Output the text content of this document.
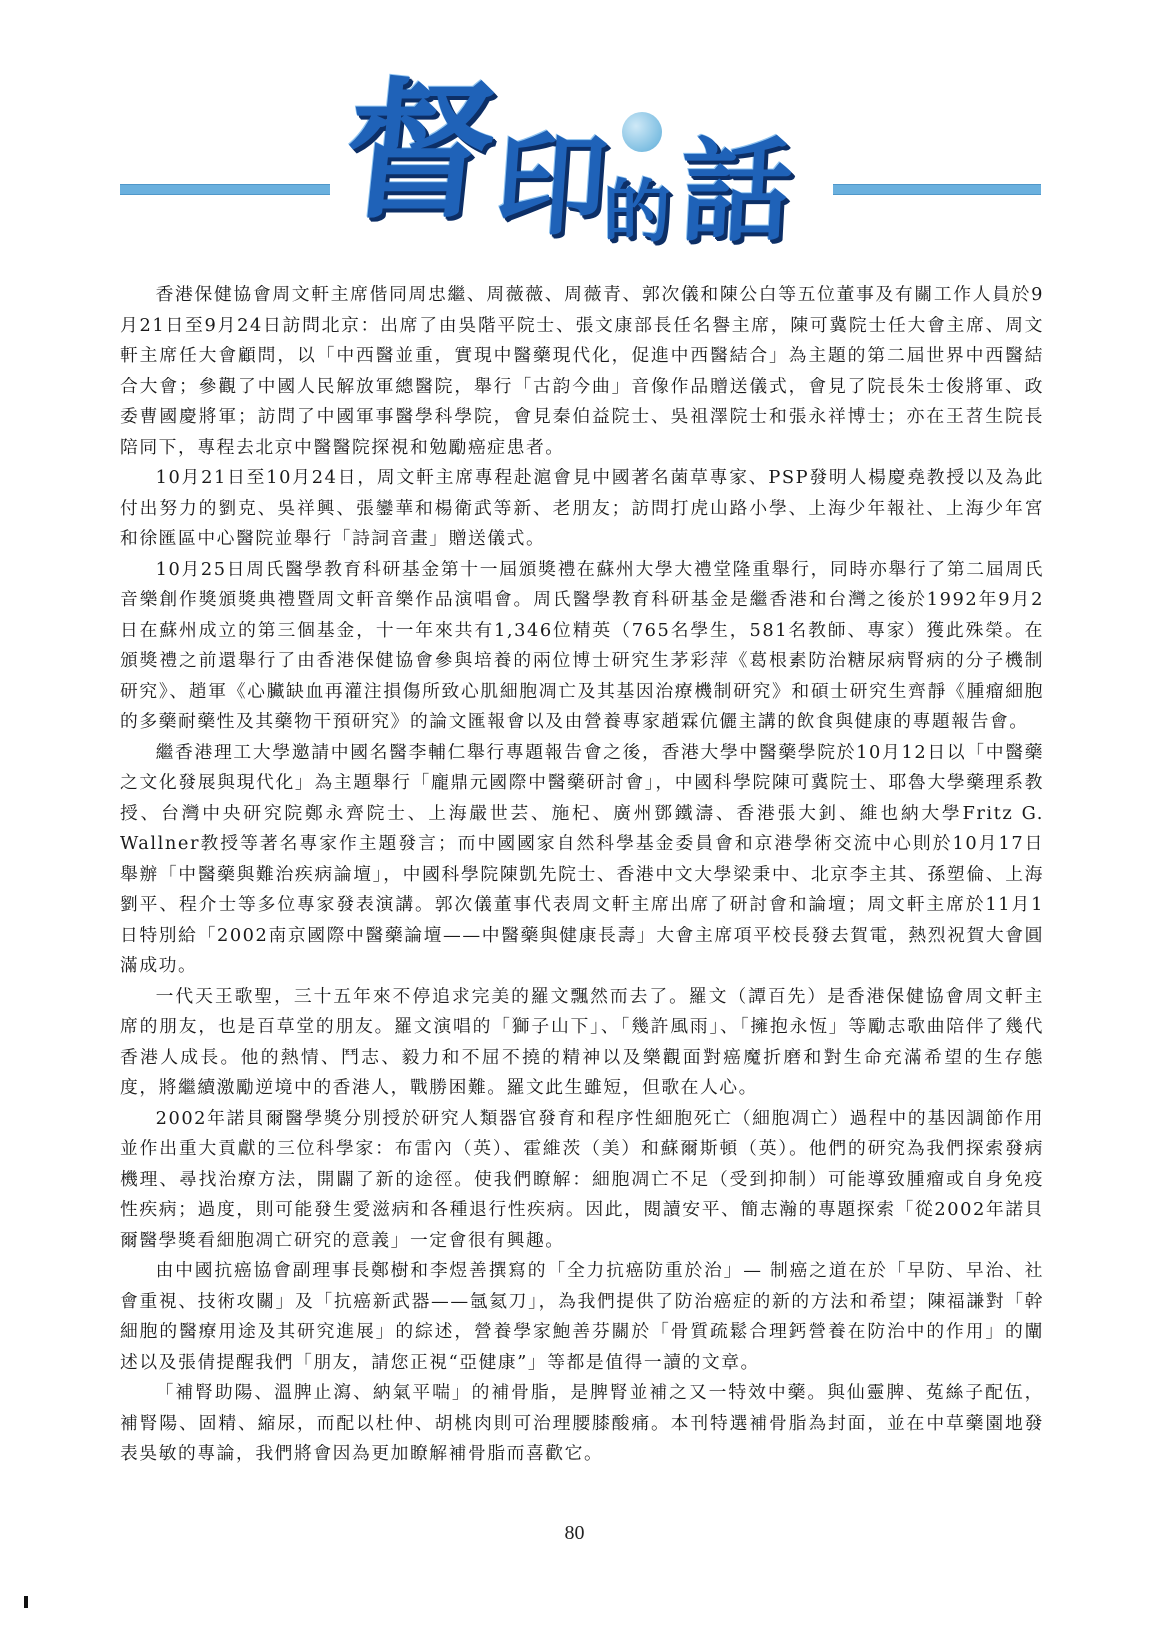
督
印
的 話

香港保健協會周文軒主席偕同周忠繼、周薇薇、周薇青、郭次儀和陳公白等五位董事及有關工作人員於9月21日至9月24日訪問北京：出席了由吳階平院士、張文康部長任名譽主席，陳可冀院士任大會主席、周文軒主席任大會顧問，以「中西醫並重，實現中醫藥現代化，促進中西醫結合」為主題的第二屆世界中西醫結合大會；參觀了中國人民解放軍總醫院，舉行「古韵今曲」音像作品贈送儀式，會見了院長朱士俊將軍、政委曹國慶將軍；訪問了中國軍事醫學科學院，會見秦伯益院士、吳祖澤院士和張永祥博士；亦在王苕生院長陪同下，專程去北京中醫醫院探視和勉勵癌症患者。

10月21日至10月24日，周文軒主席專程赴滬會見中國著名菌草專家、PSP發明人楊慶堯教授以及為此付出努力的劉克、吳祥興、張鑾華和楊衛武等新、老朋友；訪問打虎山路小學、上海少年報社、上海少年宮和徐匯區中心醫院並舉行「詩詞音畫」贈送儀式。

10月25日周氏醫學教育科研基金第十一屆頒獎禮在蘇州大學大禮堂隆重舉行，同時亦舉行了第二屆周氏音樂創作獎頒獎典禮暨周文軒音樂作品演唱會。周氏醫學教育科研基金是繼香港和台灣之後於1992年9月2日在蘇州成立的第三個基金，十一年來共有1,346位精英（765名學生，581名教師、專家）獲此殊榮。在頒獎禮之前還舉行了由香港保健協會參與培養的兩位博士研究生茅彩萍《葛根素防治糖尿病腎病的分子機制研究》、趙軍《心臟缺血再灌注損傷所致心肌細胞凋亡及其基因治療機制研究》和碩士研究生齊靜《腫瘤細胞的多藥耐藥性及其藥物干預研究》的論文匯報會以及由營養專家趙霖伉儷主講的飲食與健康的專題報告會。

繼香港理工大學邀請中國名醫李輔仁舉行專題報告會之後，香港大學中醫藥學院於10月12日以「中醫藥之文化發展與現代化」為主題舉行「龐鼎元國際中醫藥研討會」，中國科學院陳可冀院士、耶魯大學藥理系教授、台灣中央研究院鄭永齊院士、上海嚴世芸、施杞、廣州鄧鐵濤、香港張大釗、維也納大學Fritz G. Wallner教授等著名專家作主題發言；而中國國家自然科學基金委員會和京港學術交流中心則於10月17日舉辦「中醫藥與難治疾病論壇」，中國科學院陳凱先院士、香港中文大學梁秉中、北京李主其、孫塑倫、上海劉平、程介士等多位專家發表演講。郭次儀董事代表周文軒主席出席了研討會和論壇；周文軒主席於11月1 日特別給「2002南京國際中醫藥論壇——中醫藥與健康長壽」大會主席項平校長發去賀電，熱烈祝賀大會圓滿成功。

一代天王歌聖，三十五年來不停追求完美的羅文飄然而去了。羅文（譚百先）是香港保健協會周文軒主席的朋友，也是百草堂的朋友。羅文演唱的「獅子山下」、「幾許風雨」、「擁抱永恆」等勵志歌曲陪伴了幾代香港人成長。他的熱情、鬥志、毅力和不屈不撓的精神以及樂觀面對癌魔折磨和對生命充滿希望的生存態度，將繼續激勵逆境中的香港人，戰勝困難。羅文此生雖短，但歌在人心。

2002年諾貝爾醫學獎分別授於研究人類器官發育和程序性細胞死亡（細胞凋亡）過程中的基因調節作用並作出重大貢獻的三位科學家：布雷內（英）、霍維茨（美）和蘇爾斯頓（英）。他們的研究為我們探索發病機理、尋找治療方法，開闢了新的途徑。使我們瞭解：細胞凋亡不足（受到抑制）可能導致腫瘤或自身免疫性疾病；過度，則可能發生愛滋病和各種退行性疾病。因此，閱讀安平、簡志瀚的專題探索「從2002年諾貝爾醫學獎看細胞凋亡研究的意義」一定會很有興趣。

由中國抗癌協會副理事長鄭樹和李煜善撰寫的「全力抗癌防重於治」— 制癌之道在於「早防、早治、社會重視、技術攻關」及「抗癌新武器——氬氦刀」，為我們提供了防治癌症的新的方法和希望；陳福謙對「幹細胞的醫療用途及其研究進展」的綜述，營養學家鮑善芬關於「骨質疏鬆合理鈣營養在防治中的作用」的闡述以及張倩提醒我們「朋友，請您正視“亞健康”」等都是值得一讀的文章。

「補腎助陽、溫脾止瀉、納氣平喘」的補骨脂，是脾腎並補之又一特效中藥。與仙靈脾、菟絲子配伍，補腎陽、固精、縮尿，而配以杜仲、胡桃肉則可治理腰膝酸痛。本刊特選補骨脂為封面，並在中草藥園地發表吳敏的專論，我們將會因為更加瞭解補骨脂而喜歡它。

80
